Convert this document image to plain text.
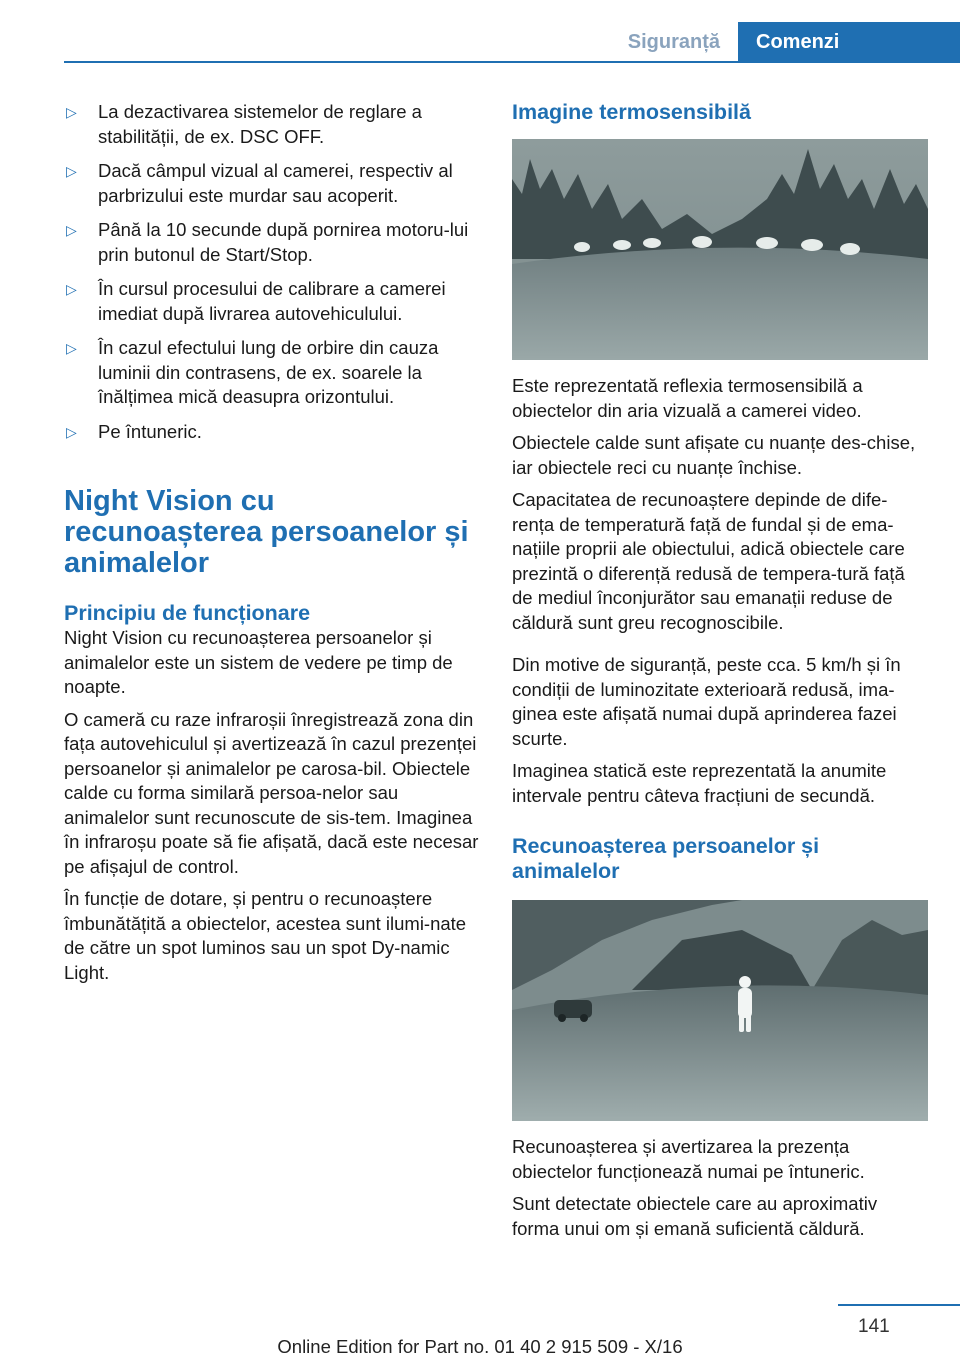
Siguranță	Comenzi
▷ La dezactivarea sistemelor de reglare a stabilității, de ex. DSC OFF.
▷ Dacă câmpul vizual al camerei, respectiv al parbrizului este murdar sau acoperit.
▷ Până la 10 secunde după pornirea motoru‐lui prin butonul de Start/Stop.
▷ În cursul procesului de calibrare a camerei imediat după livrarea autovehiculului.
▷ În cazul efectului lung de orbire din cauza luminii din contrasens, de ex. soarele la înălțimea mică deasupra orizontului.
▷ Pe întuneric.
Night Vision cu recunoașterea persoanelor și animalelor
Principiu de funcționare

Night Vision cu recunoașterea persoanelor și animalelor este un sistem de vedere pe timp de noapte.

O cameră cu raze infraroșii înregistrează zona din fața autovehiculul și avertizează în cazul prezenței persoanelor și animalelor pe carosa‐bil. Obiectele calde cu forma similară persoa‐nelor sau animalelor sunt recunoscute de sis‐tem. Imaginea în infraroșu poate să fie afișată, dacă este necesar pe afișajul de control.

În funcție de dotare, și pentru o recunoaștere îmbunătățită a obiectelor, acestea sunt ilumi‐nate de către un spot luminos sau un spot Dy‐namic Light.

Imagine termosensibilă

Este reprezentată reflexia termosensibilă a obiectelor din aria vizuală a camerei video.

Obiectele calde sunt afișate cu nuanțe des‐chise, iar obiectele reci cu nuanțe închise.

Capacitatea de recunoaștere depinde de dife‐rența de temperatură față de fundal și de ema‐națiile proprii ale obiectului, adică obiectele care prezintă o diferență redusă de tempera‐tură față de mediul înconjurător sau emanații reduse de căldură sunt greu recognoscibile.

Din motive de siguranță, peste cca. 5 km/h și în condiții de luminozitate exterioară redusă, ima‐ginea este afișată numai după aprinderea fazei scurte.

Imaginea statică este reprezentată la anumite intervale pentru câteva fracțiuni de secundă.

Recunoașterea persoanelor și animalelor

Recunoașterea și avertizarea la prezența obiectelor funcționează numai pe întuneric.

Sunt detectate obiectele care au aproximativ forma unui om și emană suficientă căldură.

141
Online Edition for Part no. 01 40 2 915 509 - X/16
